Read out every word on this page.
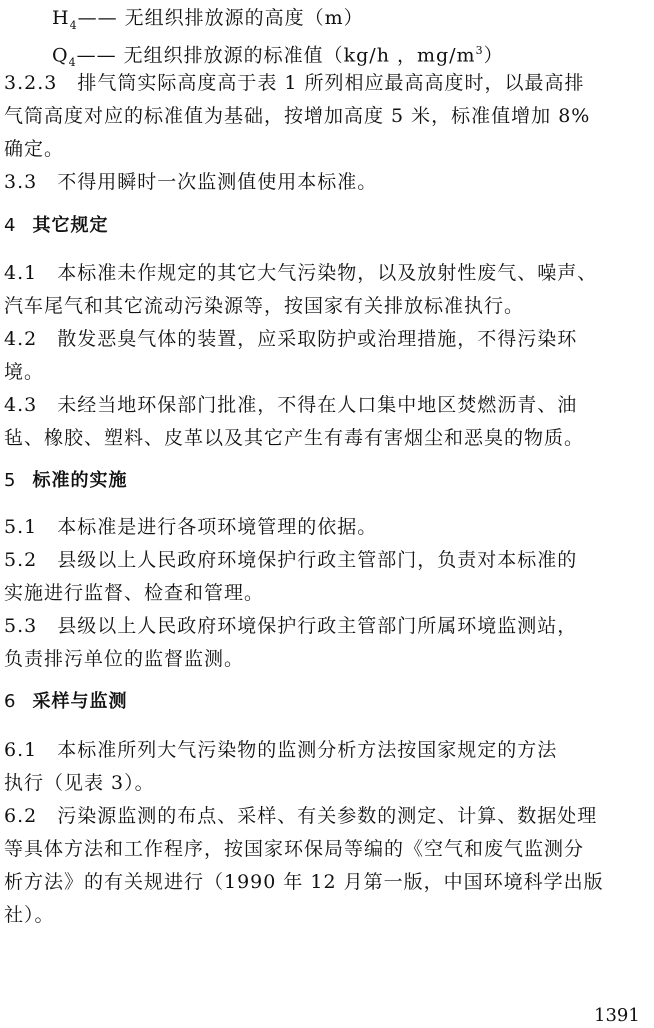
$H_4——$ 无组织排放源的高度（m）
$Q_4——$ 无组织排放源的标准值（kg/h ，$mg/m^3$）
3.2.3　排气筒实际高度高于表 1 所列相应最高高度时，以最高排
气筒高度对应的标准值为基础，按增加高度 5 米，标准值增加 8%
确定。
3.3　不得用瞬时一次监测值使用本标准。
4 其它规定
4.1　本标准未作规定的其它大气污染物，以及放射性废气、噪声、
汽车尾气和其它流动污染源等，按国家有关排放标准执行。
4.2　散发恶臭气体的装置，应采取防护或治理措施，不得污染环
境。
4.3　未经当地环保部门批准，不得在人口集中地区焚燃沥青、油
毡、橡胶、塑料、皮革以及其它产生有毒有害烟尘和恶臭的物质。
5 标准的实施
5.1　本标准是进行各项环境管理的依据。
5.2　县级以上人民政府环境保护行政主管部门，负责对本标准的
实施进行监督、检查和管理。
5.3　县级以上人民政府环境保护行政主管部门所属环境监测站，
负责排污单位的监督监测。
6 采样与监测
6.1　本标准所列大气污染物的监测分析方法按国家规定的方法
执行（见表 3）。
6.2　污染源监测的布点、采样、有关参数的测定、计算、数据处理
等具体方法和工作程序，按国家环保局等编的《空气和废气监测分
析方法》的有关规进行（1990 年 12 月第一版，中国环境科学出版
社）。
1391
